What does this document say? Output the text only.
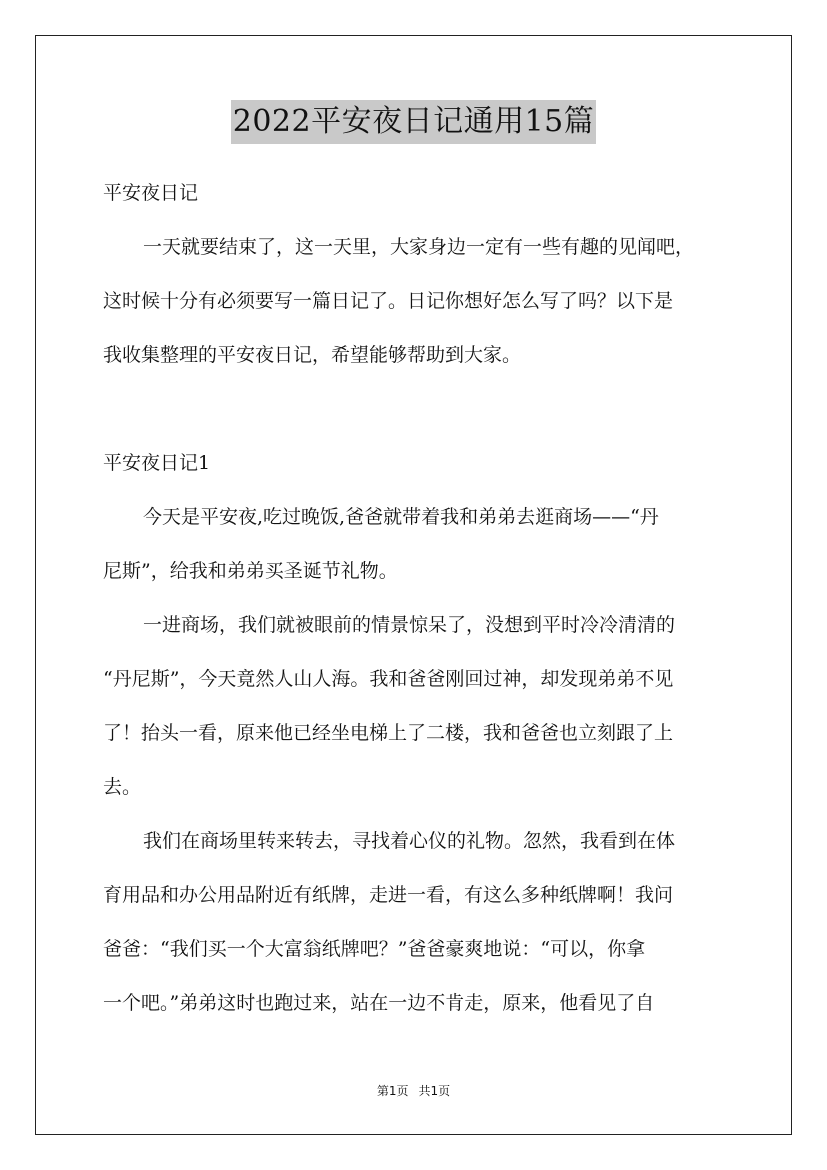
2022平安夜日记通用15篇
平安夜日记
一天就要结束了，这一天里，大家身边一定有一些有趣的见闻吧，
这时候十分有必须要写一篇日记了。日记你想好怎么写了吗？以下是
我收集整理的平安夜日记，希望能够帮助到大家。
平安夜日记1
今天是平安夜,吃过晚饭,爸爸就带着我和弟弟去逛商场——“丹
尼斯”，给我和弟弟买圣诞节礼物。
一进商场，我们就被眼前的情景惊呆了，没想到平时冷冷清清的
“丹尼斯”，今天竟然人山人海。我和爸爸刚回过神，却发现弟弟不见
了！抬头一看，原来他已经坐电梯上了二楼，我和爸爸也立刻跟了上
去。
我们在商场里转来转去，寻找着心仪的礼物。忽然，我看到在体
育用品和办公用品附近有纸牌，走进一看，有这么多种纸牌啊！我问
爸爸：“我们买一个大富翁纸牌吧？”爸爸豪爽地说：“可以，你拿
一个吧。”弟弟这时也跑过来，站在一边不肯走，原来，他看见了自
第1页 共1页
